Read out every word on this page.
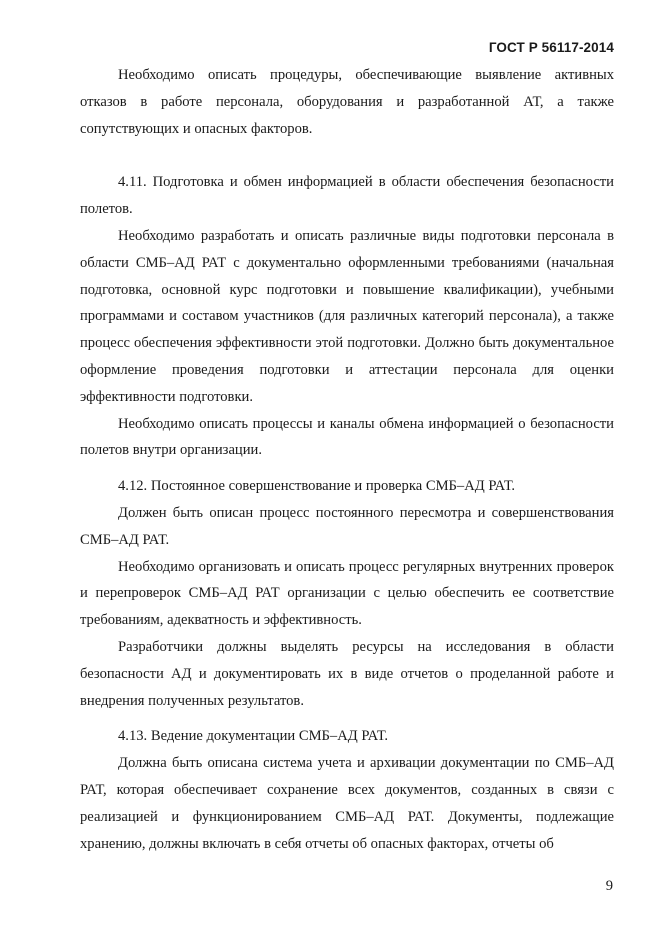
ГОСТ Р 56117-2014

Необходимо описать процедуры, обеспечивающие выявление активных отказов в работе персонала, оборудования и разработанной АТ, а также сопутствующих и опасных факторов.

4.11. Подготовка и обмен информацией в области обеспечения безопасности полетов.

Необходимо разработать и описать различные виды подготовки персонала в области СМБ–АД РАТ с документально оформленными требованиями (начальная подготовка, основной курс подготовки и повышение квалификации), учебными программами и составом участников (для различных категорий персонала), а также процесс обеспечения эффективности этой подготовки. Должно быть документальное оформление проведения подготовки и аттестации персонала для оценки эффективности подготовки.

Необходимо описать процессы и каналы обмена информацией о безопасности полетов внутри организации.

4.12. Постоянное совершенствование и проверка СМБ–АД РАТ.

Должен быть описан процесс постоянного пересмотра и совершенствования СМБ–АД РАТ.

Необходимо организовать и описать процесс регулярных внутренних проверок и перепроверок СМБ–АД РАТ организации с целью обеспечить ее соответствие требованиям, адекватность и эффективность.

Разработчики должны выделять ресурсы на исследования в области безопасности АД и документировать их в виде отчетов о проделанной работе и внедрения полученных результатов.

4.13. Ведение документации СМБ–АД РАТ.

Должна быть описана система учета и архивации документации по СМБ–АД РАТ, которая обеспечивает сохранение всех документов, созданных в связи с реализацией и функционированием СМБ–АД РАТ. Документы, подлежащие хранению, должны включать в себя отчеты об опасных факторах, отчеты об

9
